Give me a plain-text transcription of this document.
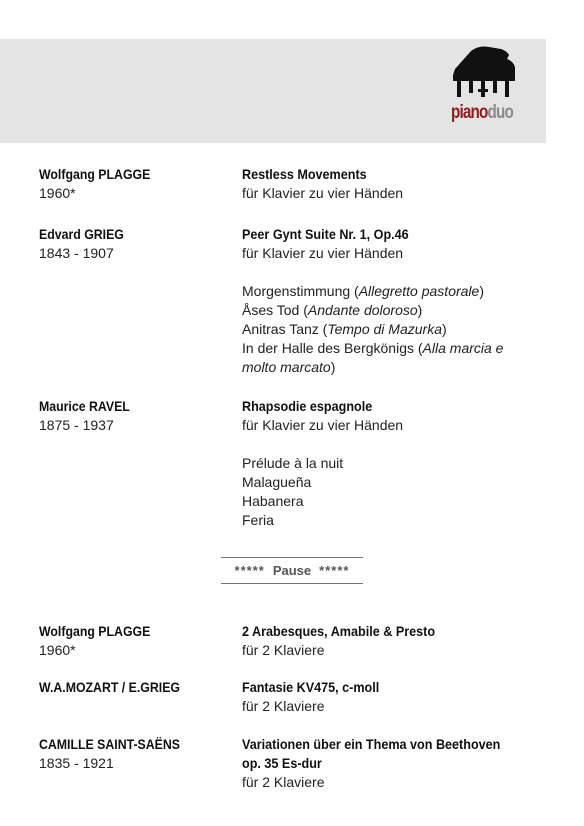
pianoduo
Wolfgang PLAGGE
1960*
Restless Movements
für Klavier zu vier Händen
Edvard GRIEG
1843 - 1907
Peer Gynt Suite Nr. 1, Op.46
für Klavier zu vier Händen
Morgenstimmung (Allegretto pastorale)
Åses Tod (Andante doloroso)
Anitras Tanz (Tempo di Mazurka)
In der Halle des Bergkönigs (Alla marcia e
molto marcato)
Maurice RAVEL
1875 - 1937
Rhapsodie espagnole
für Klavier zu vier Händen
Prélude à la nuit
Malagueña
Habanera
Feria
***** Pause *****
Wolfgang PLAGGE
1960*
2 Arabesques, Amabile & Presto
für 2 Klaviere
W.A.MOZART / E.GRIEG	Fantasie KV475, c-moll
für 2 Klaviere
CAMILLE SAINT-SAËNS
1835 - 1921
Variationen über ein Thema von Beethoven
op. 35 Es-dur
für 2 Klaviere
